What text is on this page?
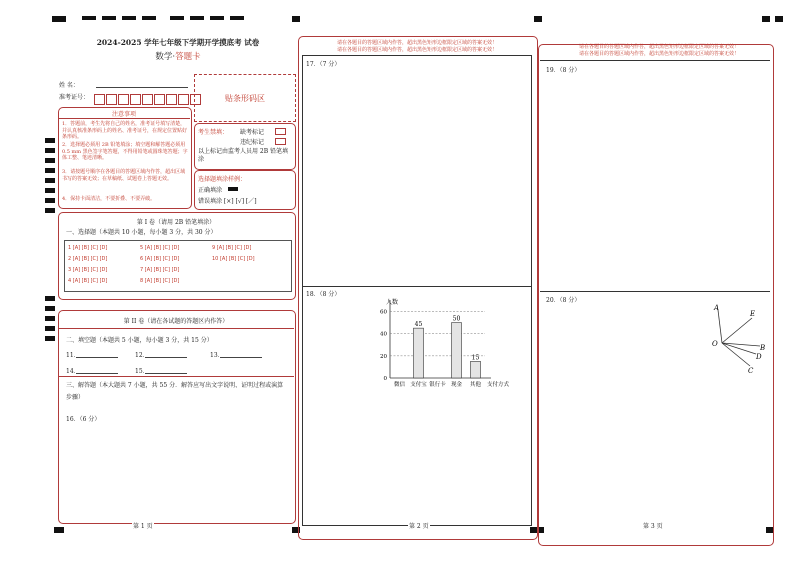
2024-2025 学年七年级下学期开学摸底考 试卷
数学·答题卡
姓 名：
准考证号：	贴条形码区
注意事项
1．答题前，考生先将自己的姓名，准考证号填写清楚，并认真核准条形码上的姓名、准考证号，在规定位置贴好条形码。
2．选择题必须用 2B 铅笔填涂；填空题和解答题必须用 0.5 mm 黑色签字笔答题，不得用铅笔或圆珠笔答题；字体工整、笔迹清晰。
3．请按题号顺序在各题目的答题区域内作答，超出区域书写的答案无效；在草稿纸、试题卷上答题无效。
4．保持卡面清洁，不要折叠、不要弄破。
考生禁填： 缺考标记
违纪标记
以上标记由监考人员用 2B 铅笔填涂
选择题填涂样例：
正确填涂
错误填涂 [×] [√] [／]
第 I 卷（请用 2B 铅笔填涂）
一、选择题（本题共 10 小题，每小题 3 分，共 30 分）
1 [A] [B] [C] [D]	5 [A] [B] [C] [D]	9 [A] [B] [C] [D]
2 [A] [B] [C] [D]	6 [A] [B] [C] [D]	10 [A] [B] [C] [D]
3 [A] [B] [C] [D]	7 [A] [B] [C] [D]
4 [A] [B] [C] [D]	8 [A] [B] [C] [D]
第 II 卷（请在各试题的答题区内作答）
二、填空题（本题共 5 小题，每小题 3 分，共 15 分）
11．	12．	13．
14．	15．
三、解答题（本大题共 7 小题，共 55 分．解答应写出文字说明、证明过程或演算步骤）
16．（6 分）
第 1 页
请在各题目的答题区域内作答，超出黑色矩形边框限定区域的答案无效！
请在各题目的答题区域内作答，超出黑色矩形边框限定区域的答案无效！
17．（7 分）
18．（8 分）
0
20
40
60
人数
微信
45
支付宝 银行卡
50
现金
15
其他 支付方式
第 2 页
请在各题目的答题区域内作答，超出黑色矩形边框限定区域的答案无效！
请在各题目的答题区域内作答，超出黑色矩形边框限定区域的答案无效！
19．（8 分）
20．（8 分）
A
E
O	B
D
C
第 3 页
